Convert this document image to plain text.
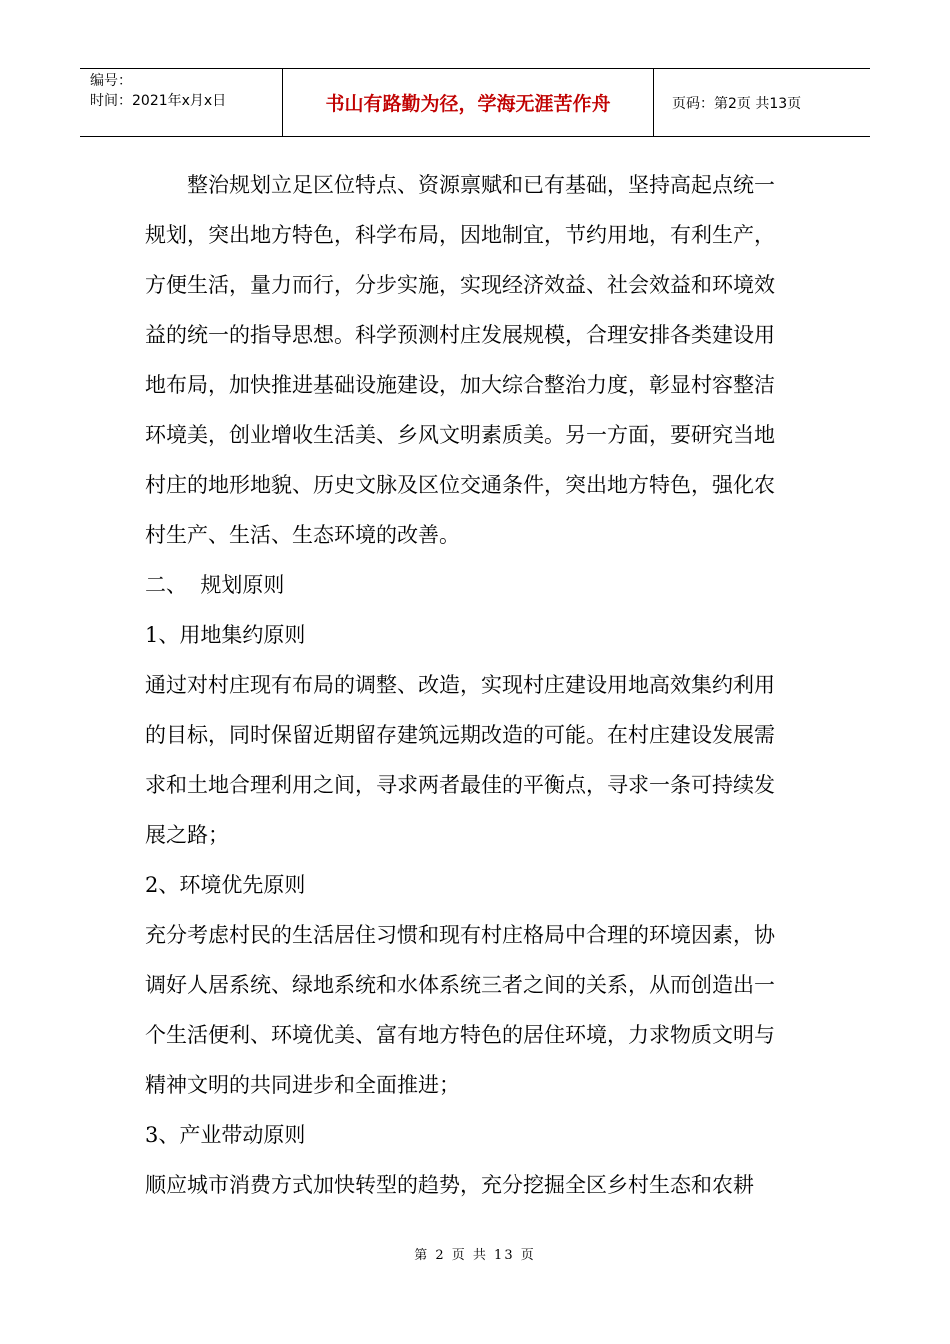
编号：
时间：2021年x月x日	书山有路勤为径，学海无涯苦作舟	页码：第2页 共13页

整治规划立足区位特点、资源禀赋和已有基础，坚持高起点统一规划，突出地方特色，科学布局，因地制宜，节约用地，有利生产，方便生活，量力而行，分步实施，实现经济效益、社会效益和环境效益的统一的指导思想。科学预测村庄发展规模，合理安排各类建设用地布局，加快推进基础设施建设，加大综合整治力度，彰显村容整洁环境美，创业增收生活美、乡风文明素质美。另一方面，要研究当地村庄的地形地貌、历史文脉及区位交通条件，突出地方特色，强化农村生产、生活、生态环境的改善。

二、  规划原则

1、用地集约原则

通过对村庄现有布局的调整、改造，实现村庄建设用地高效集约利用的目标，同时保留近期留存建筑远期改造的可能。在村庄建设发展需求和土地合理利用之间，寻求两者最佳的平衡点，寻求一条可持续发展之路；

2、环境优先原则

充分考虑村民的生活居住习惯和现有村庄格局中合理的环境因素，协调好人居系统、绿地系统和水体系统三者之间的关系，从而创造出一个生活便利、环境优美、富有地方特色的居住环境，力求物质文明与精神文明的共同进步和全面推进；

3、产业带动原则

顺应城市消费方式加快转型的趋势，充分挖掘全区乡村生态和农耕

第 2 页 共 13 页
